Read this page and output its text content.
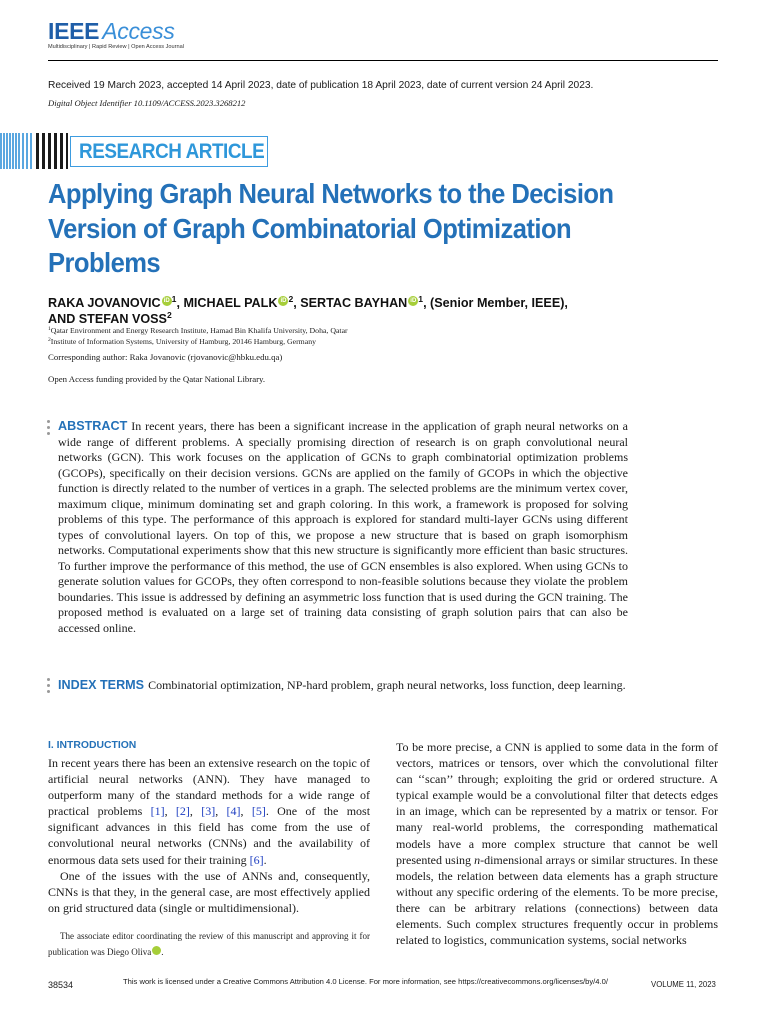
IEEE Access
Multidisciplinary | Rapid Review | Open Access Journal
Received 19 March 2023, accepted 14 April 2023, date of publication 18 April 2023, date of current version 24 April 2023.
Digital Object Identifier 10.1109/ACCESS.2023.3268212
RESEARCH ARTICLE
Applying Graph Neural Networks to the Decision
Version of Graph Combinatorial Optimization
Problems
RAKA JOVANOVIC iD $^1$, MICHAEL PALK iD $^2$, SERTAC BAYHAN iD $^1$, (Senior Member, IEEE),
AND STEFAN VOSS$^2$
$^1$Qatar Environment and Energy Research Institute, Hamad Bin Khalifa University, Doha, Qatar
$^2$Institute of Information Systems, University of Hamburg, 20146 Hamburg, Germany
Corresponding author: Raka Jovanovic (rjovanovic@hbku.edu.qa)
Open Access funding provided by the Qatar National Library.
ABSTRACT In recent years, there has been a significant increase in the application of graph neural networks on a wide range of different problems. A specially promising direction of research is on graph convolutional neural networks (GCN). This work focuses on the application of GCNs to graph combinatorial optimization problems (GCOPs), specifically on their decision versions. GCNs are applied on the family of GCOPs in which the objective function is directly related to the number of vertices in a graph. The selected problems are the minimum vertex cover, maximum clique, minimum dominating set and graph coloring. In this work, a framework is proposed for solving problems of this type. The performance of this approach is explored for standard multi-layer GCNs using different types of convolutional layers. On top of this, we propose a new structure that is based on graph isomorphism networks. Computational experiments show that this new structure is significantly more efficient than basic structures. To further improve the performance of this method, the use of GCN ensembles is also explored. When using GCNs to generate solution values for GCOPs, they often correspond to non-feasible solutions because they violate the problem boundaries. This issue is addressed by defining an asymmetric loss function that is used during the GCN training. The proposed method is evaluated on a large set of training data consisting of graph solution pairs that can also be accessed online.
INDEX TERMS Combinatorial optimization, NP-hard problem, graph neural networks, loss function, deep learning.
I. INTRODUCTION

In recent years there has been an extensive research on the topic of artificial neural networks (ANN). They have managed to outperform many of the standard methods for a wide range of practical problems [1], [2], [3], [4], [5]. One of the most significant advances in this field has come from the use of convolutional neural networks (CNNs) and the availability of enormous data sets used for their training [6].

One of the issues with the use of ANNs and, consequently, CNNs is that they, in the general case, are most effectively applied on grid structured data (single or multidimensional).

The associate editor coordinating the review of this manuscript and approving it for publication was Diego Oliva iD.

To be more precise, a CNN is applied to some data in the form of vectors, matrices or tensors, over which the convolutional filter can ‘‘scan’’ through; exploiting the grid or ordered structure. A typical example would be a convolutional filter that detects edges in an image, which can be represented by a matrix or tensor. For many real-world problems, the corresponding mathematical models have a more complex structure that cannot be well presented using n-dimensional arrays or similar structures. In these models, the relation between data elements has a graph structure without any specific ordering of the elements. To be more precise, there can be arbitrary relations (connections) between data elements. Such complex structures frequently occur in problems related to logistics, communication systems, social networks

38534	This work is licensed under a Creative Commons Attribution 4.0 License. For more information, see https://creativecommons.org/licenses/by/4.0/	VOLUME 11, 2023
